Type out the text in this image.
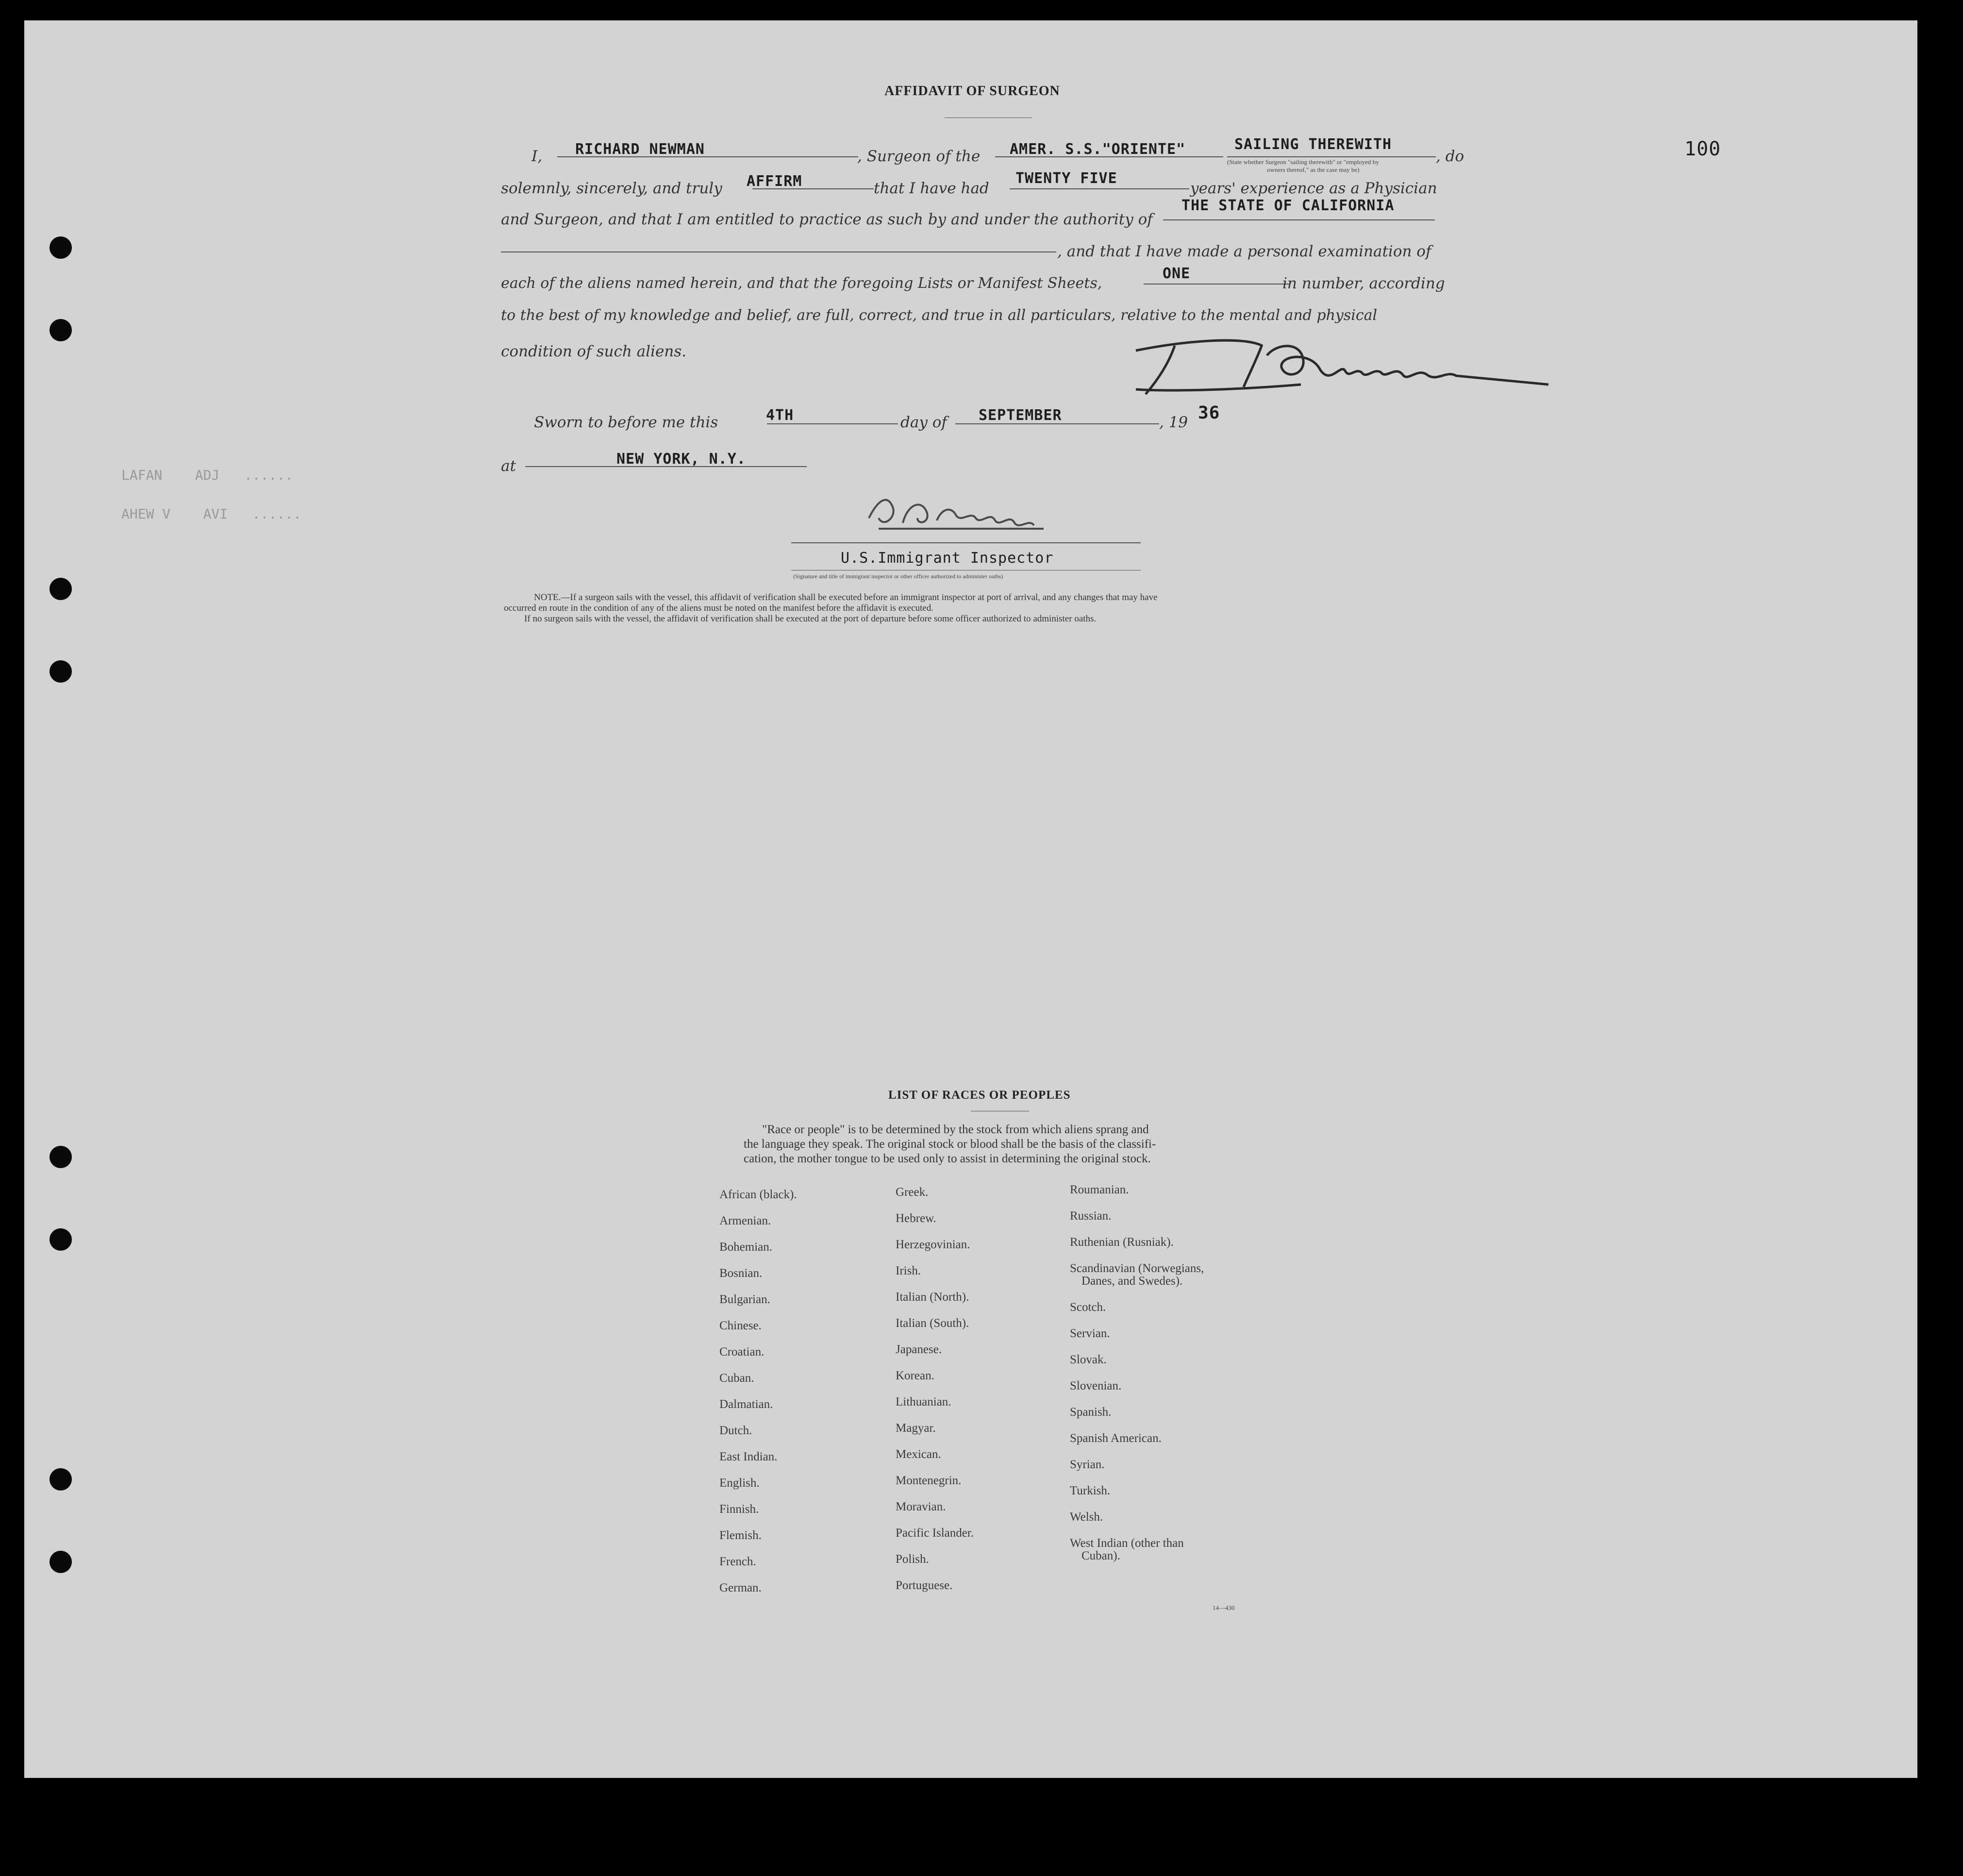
AFFIDAVIT OF SURGEON
100
I, RICHARD NEWMAN	, Surgeon of the AMER. S.S."ORIENTE"	SAILING THEREWITH
, do
(State whether Surgeon "sailing therewith" or "employed by
owners thereof," as the case may be)
solemnly, sincerely, and truly AFFIRM	that I have had
TWENTY FIVE
years' experience as a Physician
and Surgeon, and that I am entitled to practice as such by and under the authority of
THE STATE OF CALIFORNIA
, and that I have made a personal examination of
each of the aliens named herein, and that the foregoing Lists or Manifest Sheets,
ONE
in number, according
to the best of my knowledge and belief, are full, correct, and true in all particulars, relative to the mental and physical
condition of such aliens.
Sworn to before me this	4TH	day of SEPTEMBER	, 19 36
at	NEW YORK, N.Y.
LAFAN    ADJ   ......
AHEW V    AVI   ......
U.S.Immigrant Inspector
(Signature and title of immigrant inspector or other officer authorized to administer oaths)
NOTE.—If a surgeon sails with the vessel, this affidavit of verification shall be executed before an immigrant inspector at port of arrival, and any changes that may have
occurred en route in the condition of any of the aliens must be noted on the manifest before the affidavit is executed.
If no surgeon sails with the vessel, the affidavit of verification shall be executed at the port of departure before some officer authorized to administer oaths.
LIST OF RACES OR PEOPLES
"Race or people" is to be determined by the stock from which aliens sprang and
the language they speak. The original stock or blood shall be the basis of the classifi-
cation, the mother tongue to be used only to assist in determining the original stock.
14—430
African (black).
Armenian.
Bohemian.
Bosnian.
Bulgarian.
Chinese.
Croatian.
Cuban.
Dalmatian.
Dutch.
East Indian.
English.
Finnish.
Flemish.
French.
German.
Greek.
Hebrew.
Herzegovinian.
Irish.
Italian (North).
Italian (South).
Japanese.
Korean.
Lithuanian.
Magyar.
Mexican.
Montenegrin.
Moravian.
Pacific Islander.
Polish.
Portuguese.
Roumanian.
Russian.
Ruthenian (Rusniak).
Scandinavian (Norwegians,
Danes, and Swedes).
Scotch.
Servian.
Slovak.
Slovenian.
Spanish.
Spanish American.
Syrian.
Turkish.
Welsh.
West Indian (other than
Cuban).
